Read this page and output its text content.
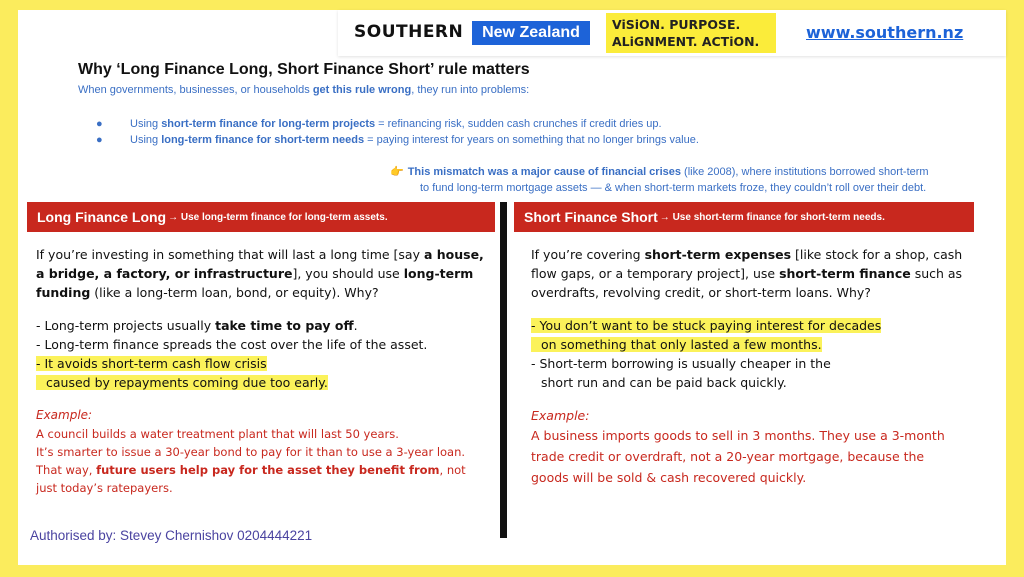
SOUTHERN	New Zealand	ViSiON. PURPOSE.
ALiGNMENT. ACTiON.	www.southern.nz
Why ‘Long Finance Long, Short Finance Short’ rule matters
When governments, businesses, or households get this rule wrong, they run into problems:
●	Using short-term finance for long-term projects = refinancing risk, sudden cash crunches if credit dries up.
●	Using long-term finance for short-term needs = paying interest for years on something that no longer brings value.
👉 This mismatch was a major cause of financial crises (like 2008), where institutions borrowed short-term
to fund long-term mortgage assets — & when short-term markets froze, they couldn’t roll over their debt.
Long Finance Long → Use long-term finance for long-term assets.	Short Finance Short → Use short-term finance for short-term needs.
If you’re investing in something that will last a long time [say a house, a bridge, a factory, or infrastructure], you should use long-term funding (like a long-term loan, bond, or equity). Why?
- Long-term projects usually take time to pay off.
- Long-term finance spreads the cost over the life of the asset.
- It avoids short-term cash flow crisis
caused by repayments coming due too early.
Example:
A council builds a water treatment plant that will last 50 years.
It’s smarter to issue a 30-year bond to pay for it than to use a 3-year loan.
That way, future users help pay for the asset they benefit from, not
just today’s ratepayers.
If you’re covering short-term expenses [like stock for a shop, cash flow gaps, or a temporary project], use short-term finance such as overdrafts, revolving credit, or short-term loans. Why?
- You don’t want to be stuck paying interest for decades
on something that only lasted a few months.
- Short-term borrowing is usually cheaper in the
short run and can be paid back quickly.
Example:
A business imports goods to sell in 3 months. They use a 3-month
trade credit or overdraft, not a 20-year mortgage, because the
goods will be sold & cash recovered quickly.
Authorised by: Stevey Chernishov 0204444221
